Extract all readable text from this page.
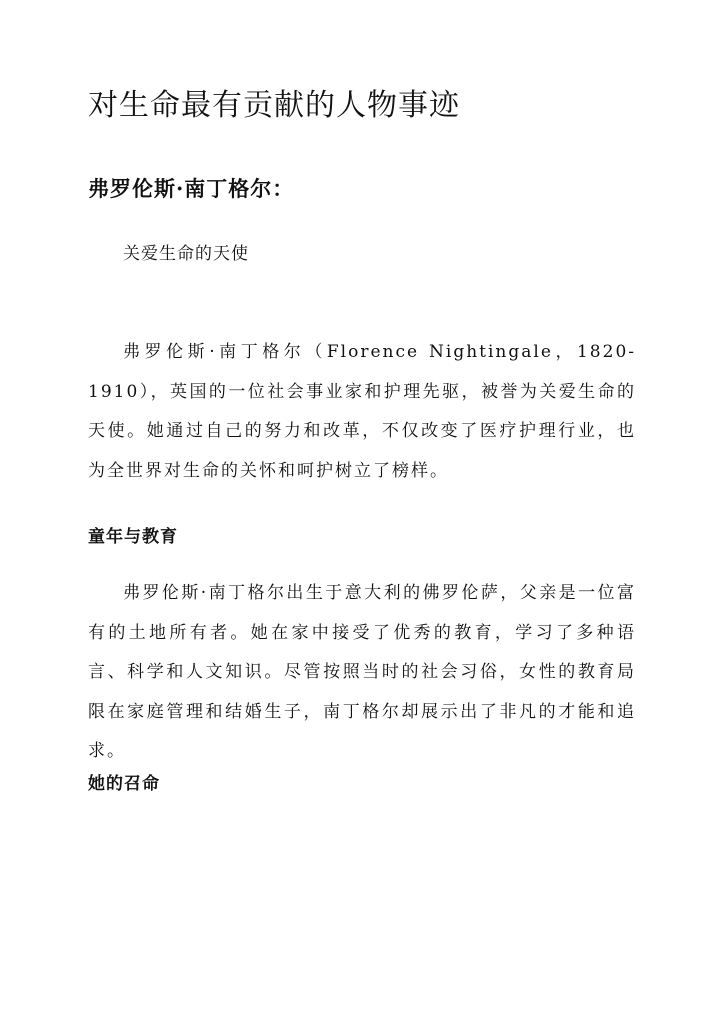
对生命最有贡献的人物事迹
弗罗伦斯·南丁格尔：

关爱生命的天使

弗罗伦斯·南丁格尔（Florence Nightingale，1820-1910），英国的一位社会事业家和护理先驱，被誉为关爱生命的天使。她通过自己的努力和改革，不仅改变了医疗护理行业，也为全世界对生命的关怀和呵护树立了榜样。

童年与教育

弗罗伦斯·南丁格尔出生于意大利的佛罗伦萨，父亲是一位富有的土地所有者。她在家中接受了优秀的教育，学习了多种语言、科学和人文知识。尽管按照当时的社会习俗，女性的教育局限在家庭管理和结婚生子，南丁格尔却展示出了非凡的才能和追求。

她的召命
